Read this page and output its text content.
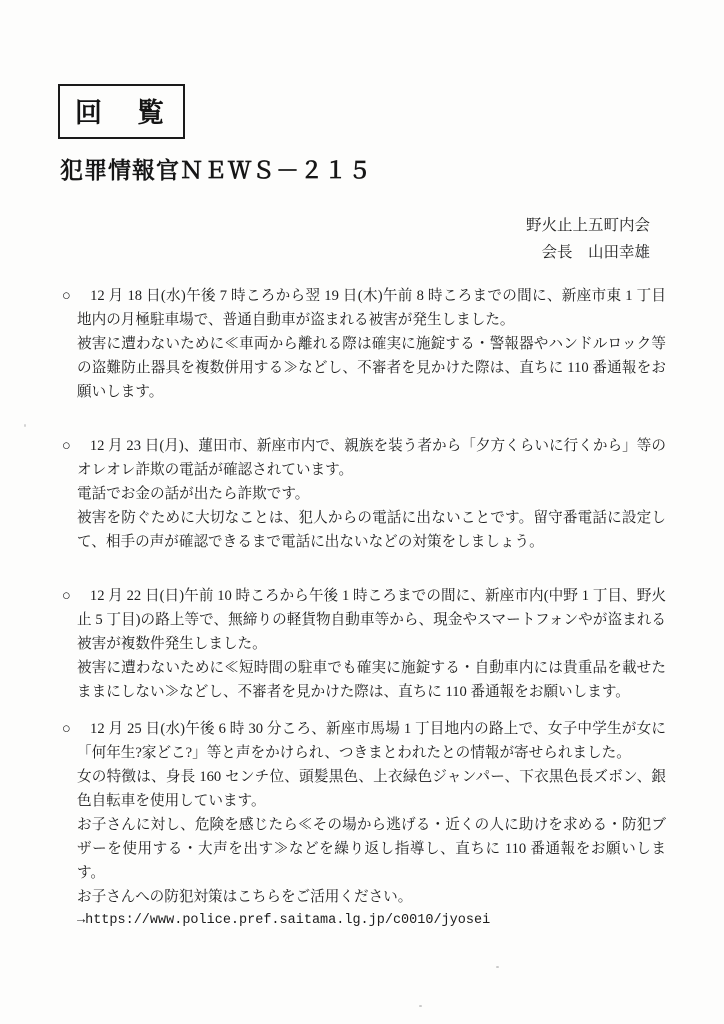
回　覧
犯罪情報官ＮＥＷＳ－２１５
野火止上五町内会
会長　山田幸雄

○ 12 月 18 日(水)午後 7 時ころから翌 19 日(木)午前 8 時ころまでの間に、新座市東 1 丁目地内の月極駐車場で、普通自動車が盗まれる被害が発生しました。

被害に遭わないために≪車両から離れる際は確実に施錠する・警報器やハンドルロック等の盗難防止器具を複数併用する≫などし、不審者を見かけた際は、直ちに 110 番通報をお願いします。

○ 12 月 23 日(月)、蓮田市、新座市内で、親族を装う者から「夕方くらいに行くから」等のオレオレ詐欺の電話が確認されています。

電話でお金の話が出たら詐欺です。

被害を防ぐために大切なことは、犯人からの電話に出ないことです。留守番電話に設定して、相手の声が確認できるまで電話に出ないなどの対策をしましょう。

○ 12 月 22 日(日)午前 10 時ころから午後 1 時ころまでの間に、新座市内(中野 1 丁目、野火止 5 丁目)の路上等で、無締りの軽貨物自動車等から、現金やスマートフォンやが盗まれる被害が複数件発生しました。

被害に遭わないために≪短時間の駐車でも確実に施錠する・自動車内には貴重品を載せたままにしない≫などし、不審者を見かけた際は、直ちに 110 番通報をお願いします。

○ 12 月 25 日(水)午後 6 時 30 分ころ、新座市馬場 1 丁目地内の路上で、女子中学生が女に「何年生?家どこ?」等と声をかけられ、つきまとわれたとの情報が寄せられました。

女の特徴は、身長 160 センチ位、頭髪黒色、上衣緑色ジャンパー、下衣黒色長ズボン、銀色自転車を使用しています。

お子さんに対し、危険を感じたら≪その場から逃げる・近くの人に助けを求める・防犯ブザーを使用する・大声を出す≫などを繰り返し指導し、直ちに 110 番通報をお願いします。

お子さんへの防犯対策はこちらをご活用ください。

→https://www.police.pref.saitama.lg.jp/c0010/jyosei
